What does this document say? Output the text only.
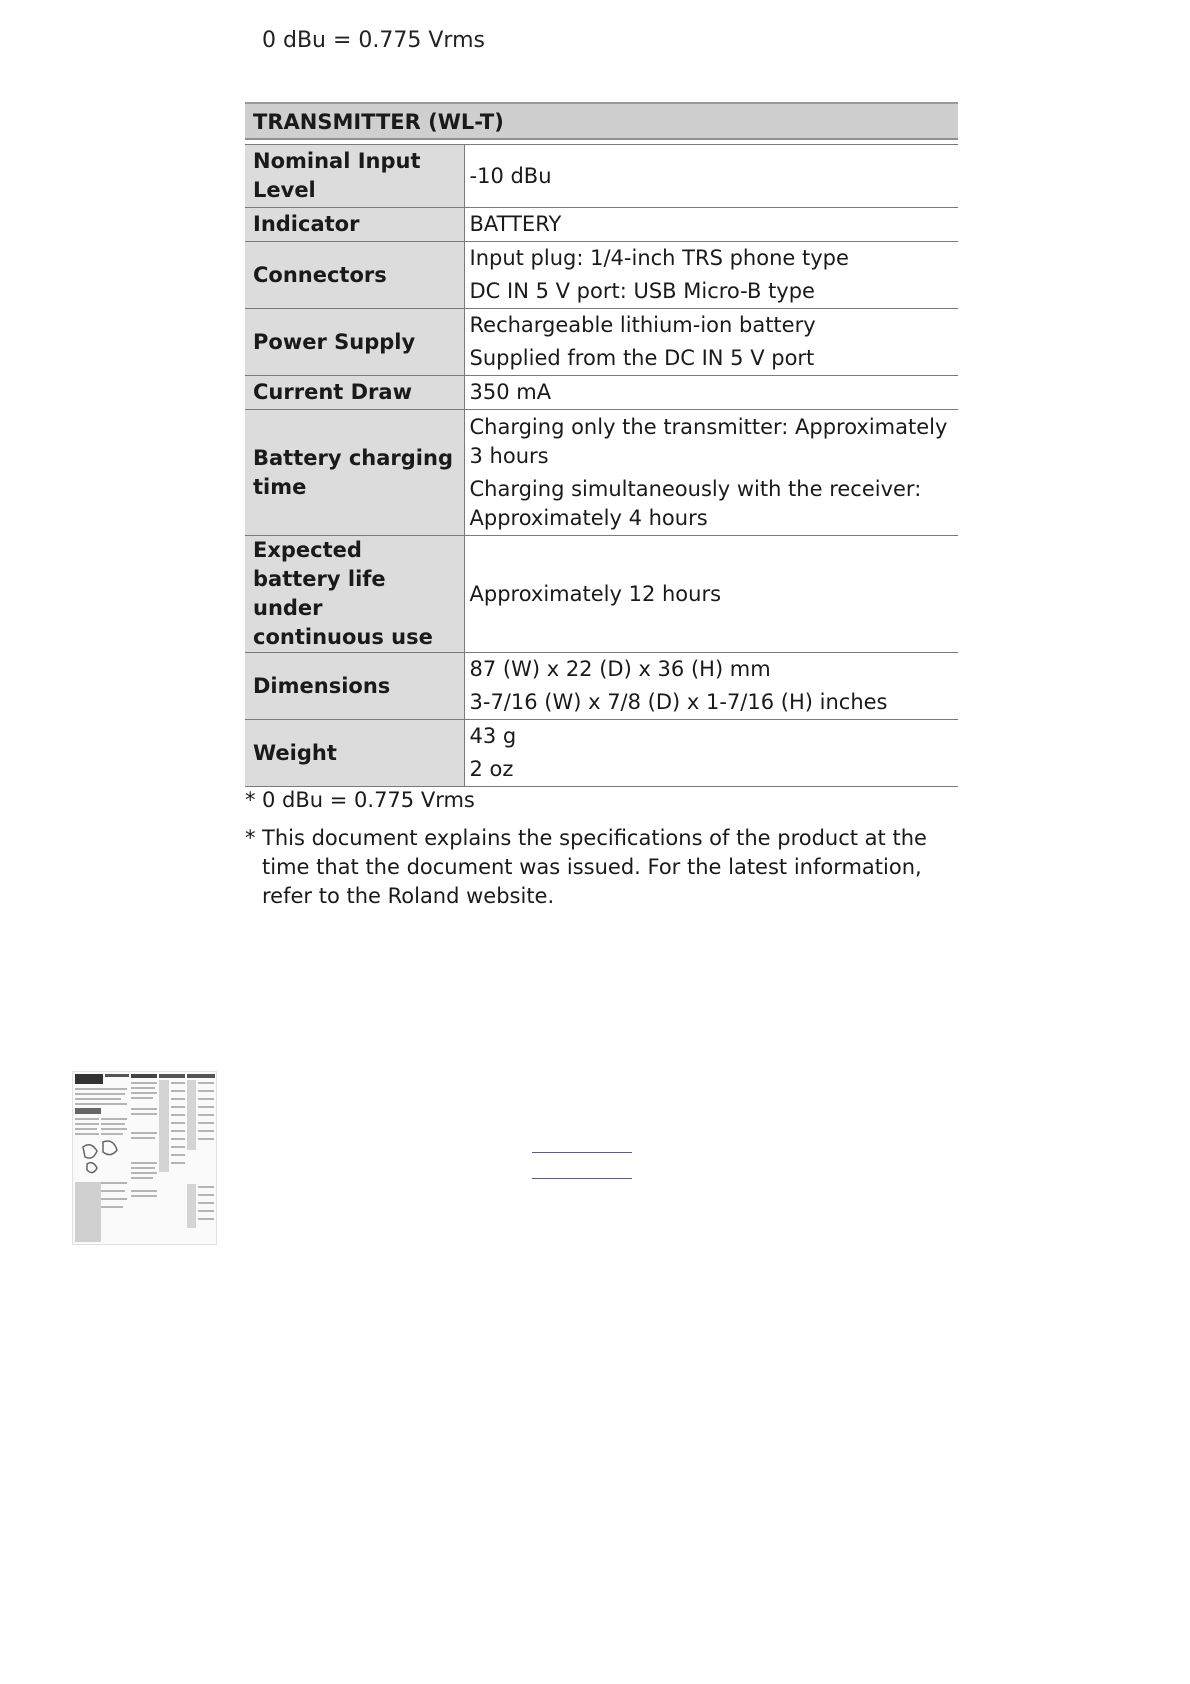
0 dBu = 0.775 Vrms
TRANSMITTER (WL-T)
Nominal Input Level	-10 dBu

Indicator	BATTERY

Connectors	Input plug: 1/4-inch TRS phone type
DC IN 5 V port: USB Micro-B type

Power Supply	Rechargeable lithium-ion battery
Supplied from the DC IN 5 V port

Current Draw	350 mA

Battery charging time	Charging only the transmitter: Approximately 3 hours
Charging simultaneously with the receiver: Approximately 4 hours

Expected battery life under continuous use	Approximately 12 hours

Dimensions	87 (W) x 22 (D) x 36 (H) mm
3-7/16 (W) x 7/8 (D) x 1-7/16 (H) inches

Weight	43 g
2 oz
* 0 dBu = 0.775 Vrms
* This document explains the specifications of the product at the time that the document was issued. For the latest information, refer to the Roland website.
